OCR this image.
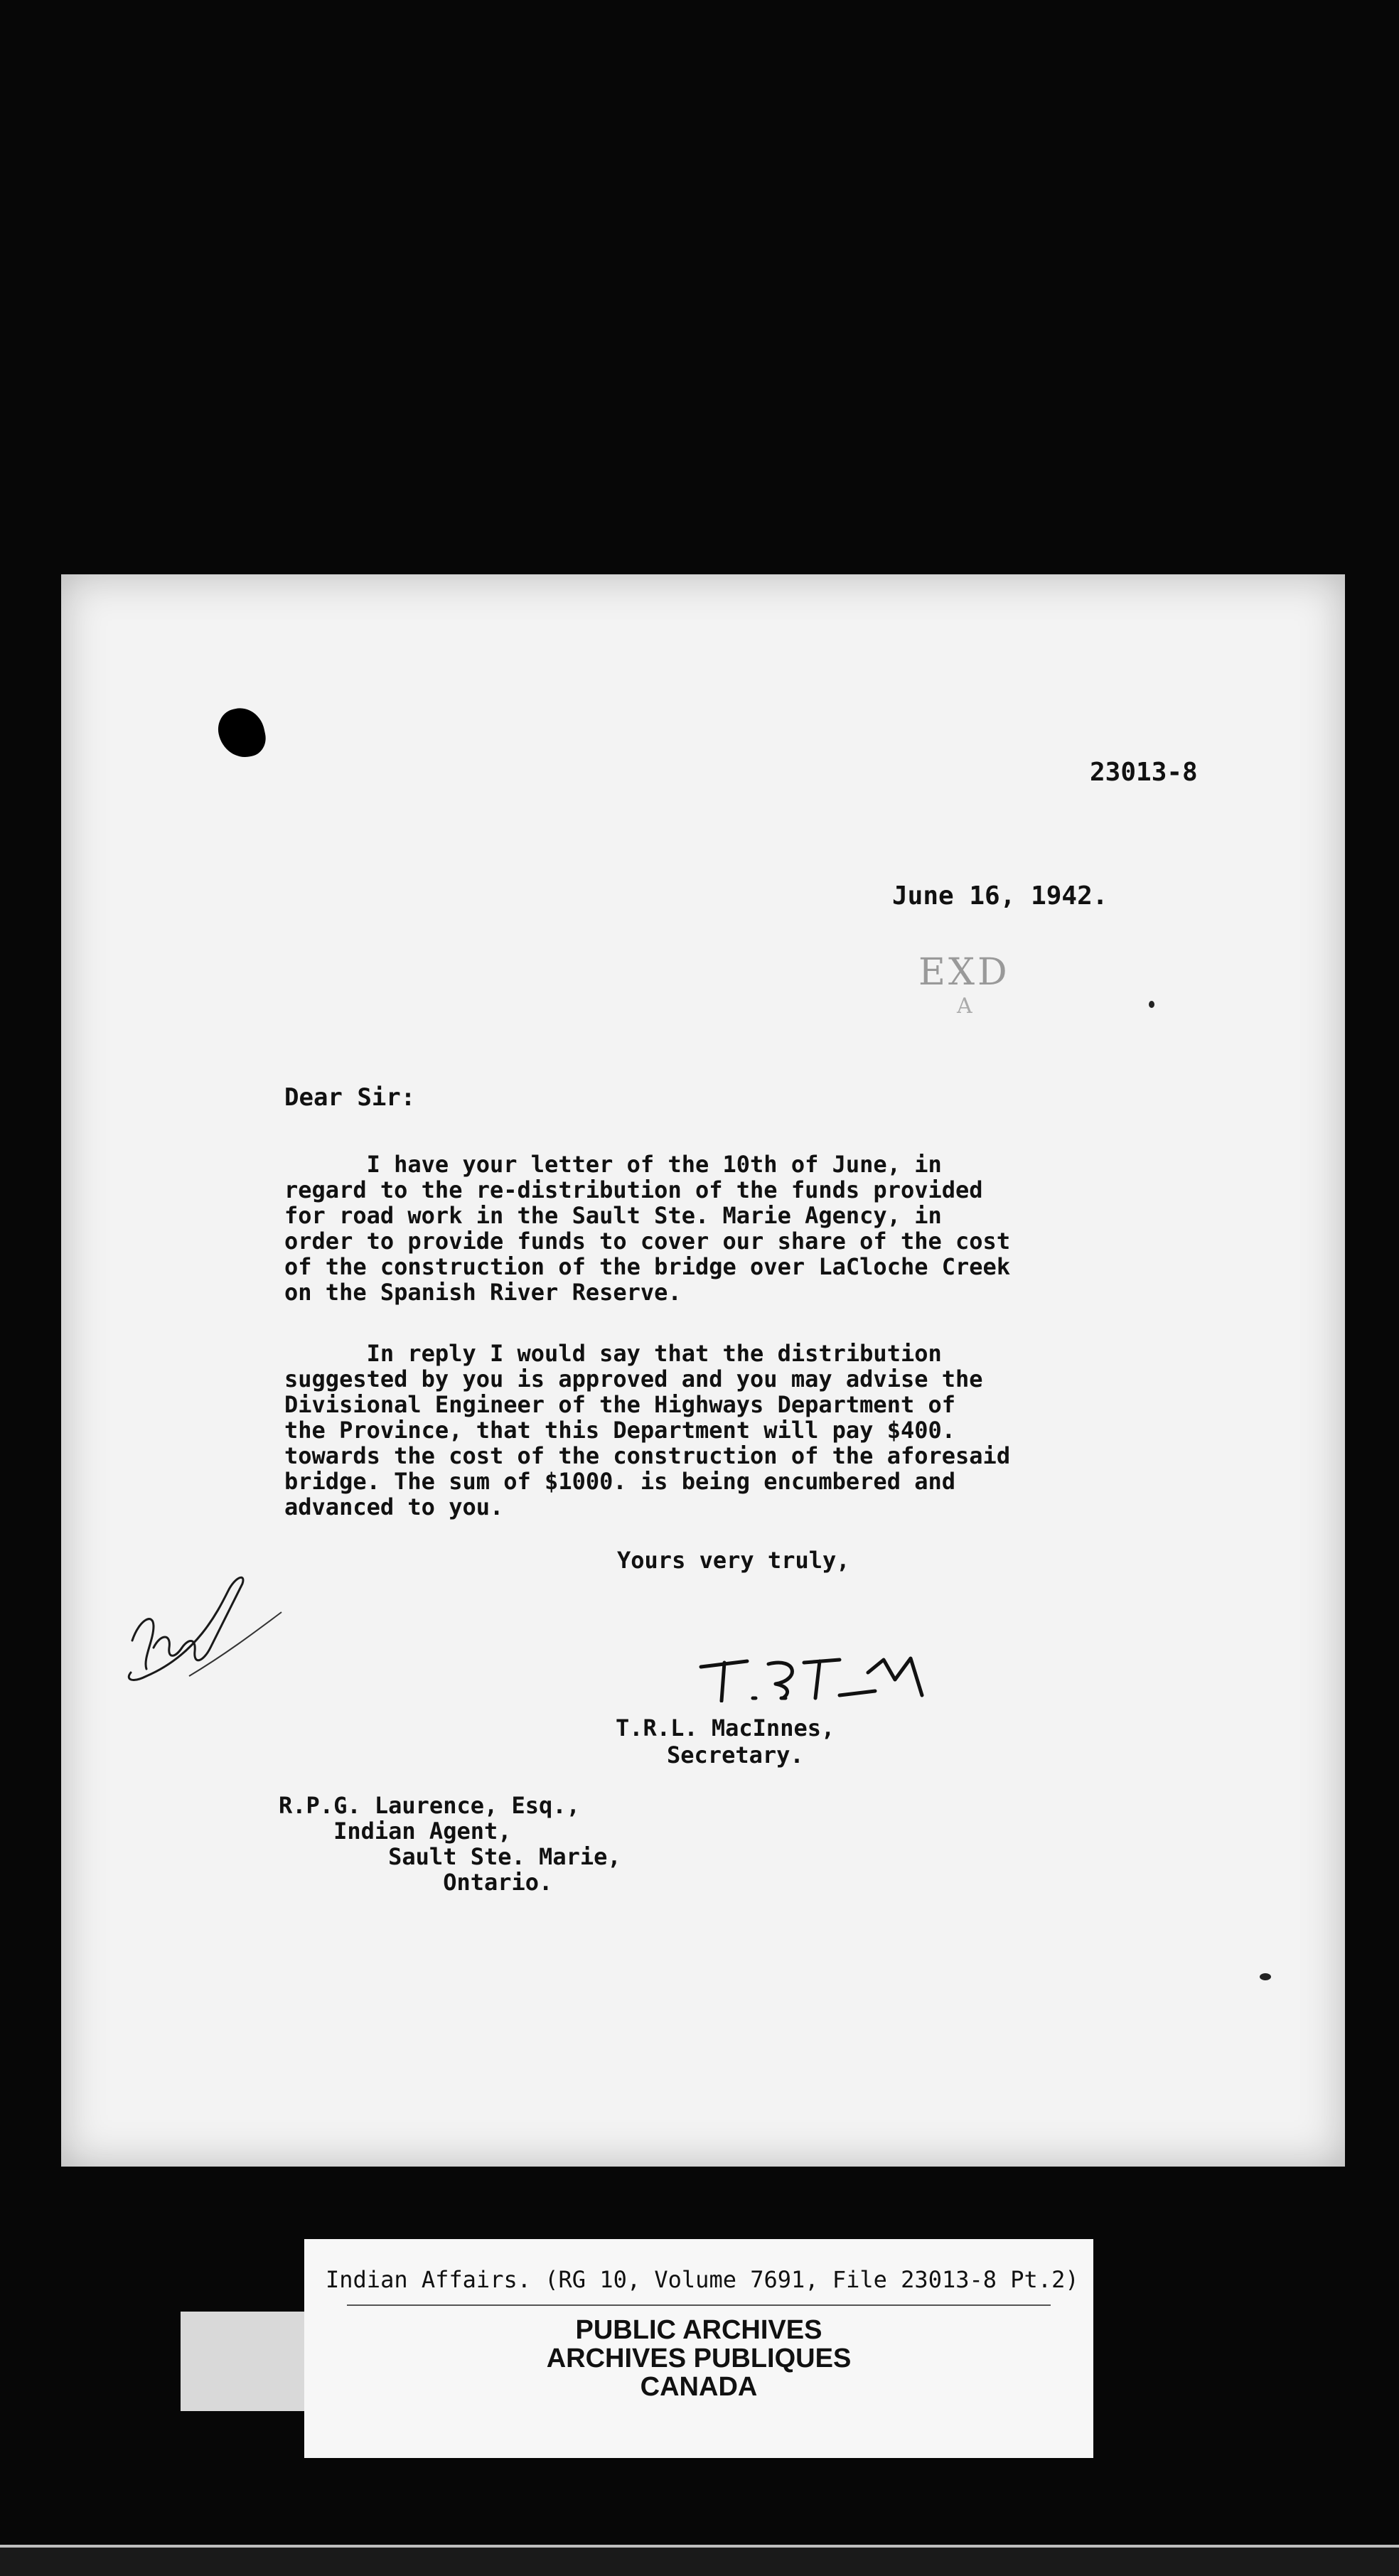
23013-8
June 16, 1942.
EXD
A
Dear Sir:
I have your letter of the 10th of June, in
regard to the re-distribution of the funds provided
for road work in the Sault Ste. Marie Agency, in
order to provide funds to cover our share of the cost
of the construction of the bridge over LaCloche Creek
on the Spanish River Reserve.
In reply I would say that the distribution
suggested by you is approved and you may advise the
Divisional Engineer of the Highways Department of
the Province, that this Department will pay $400.
towards the cost of the construction of the aforesaid
bridge. The sum of $1000. is being encumbered and
advanced to you.
Yours very truly,
T.R.L. MacInnes,
Secretary.
R.P.G. Laurence, Esq.,
Indian Agent,
Sault Ste. Marie,
Ontario.
Indian Affairs. (RG 10, Volume 7691, File 23013-8 Pt.2)
PUBLIC ARCHIVES
ARCHIVES PUBLIQUES
CANADA
